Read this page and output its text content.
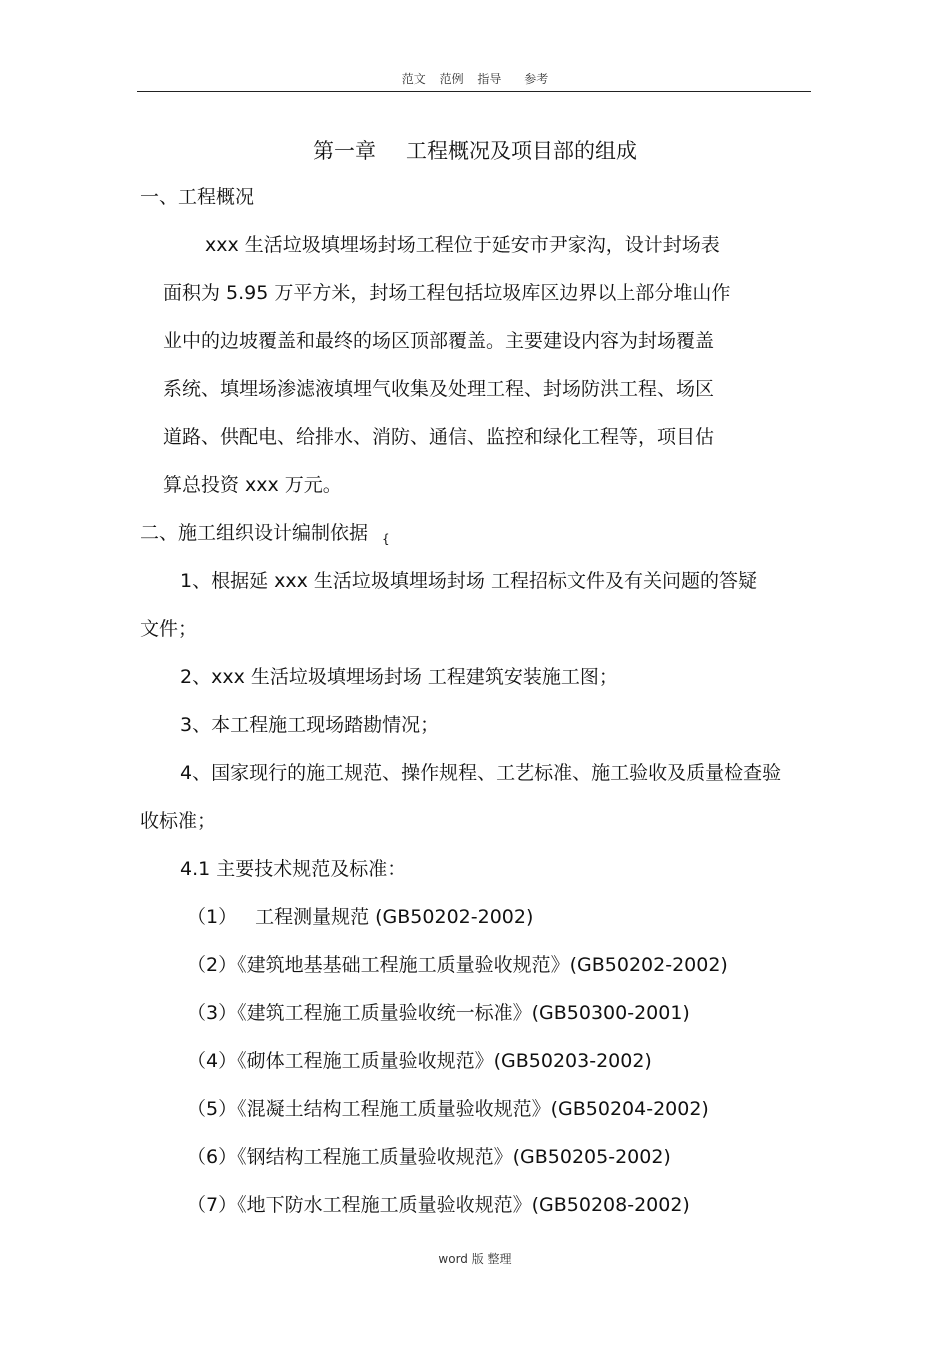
范文 范例 指导 参考
第一章 工程概况及项目部的组成
一、工程概况
xxx 生活垃圾填埋场封场工程位于延安市尹家沟，设计封场表
面积为 5.95 万平方米，封场工程包括垃圾库区边界以上部分堆山作
业中的边坡覆盖和最终的场区顶部覆盖。主要建设内容为封场覆盖
系统、填埋场渗滤液填埋气收集及处理工程、封场防洪工程、场区
道路、供配电、给排水、消防、通信、监控和绿化工程等，项目估
算总投资 xxx 万元。
二、施工组织设计编制依据 $_{\{}$
1、根据延 xxx 生活垃圾填埋场封场 工程招标文件及有关问题的答疑
文件；
2、xxx 生活垃圾填埋场封场 工程建筑安装施工图；
3、本工程施工现场踏勘情况；
4、国家现行的施工规范、操作规程、工艺标准、施工验收及质量检查验
收标准；
4.1 主要技术规范及标准：
（1） 工程测量规范 (GB50202-2002)
（2）《建筑地基基础工程施工质量验收规范》(GB50202-2002)
（3）《建筑工程施工质量验收统一标准》(GB50300-2001)
（4）《砌体工程施工质量验收规范》(GB50203-2002)
（5）《混凝土结构工程施工质量验收规范》(GB50204-2002)
（6）《钢结构工程施工质量验收规范》(GB50205-2002)
（7）《地下防水工程施工质量验收规范》(GB50208-2002)
word 版 整理
